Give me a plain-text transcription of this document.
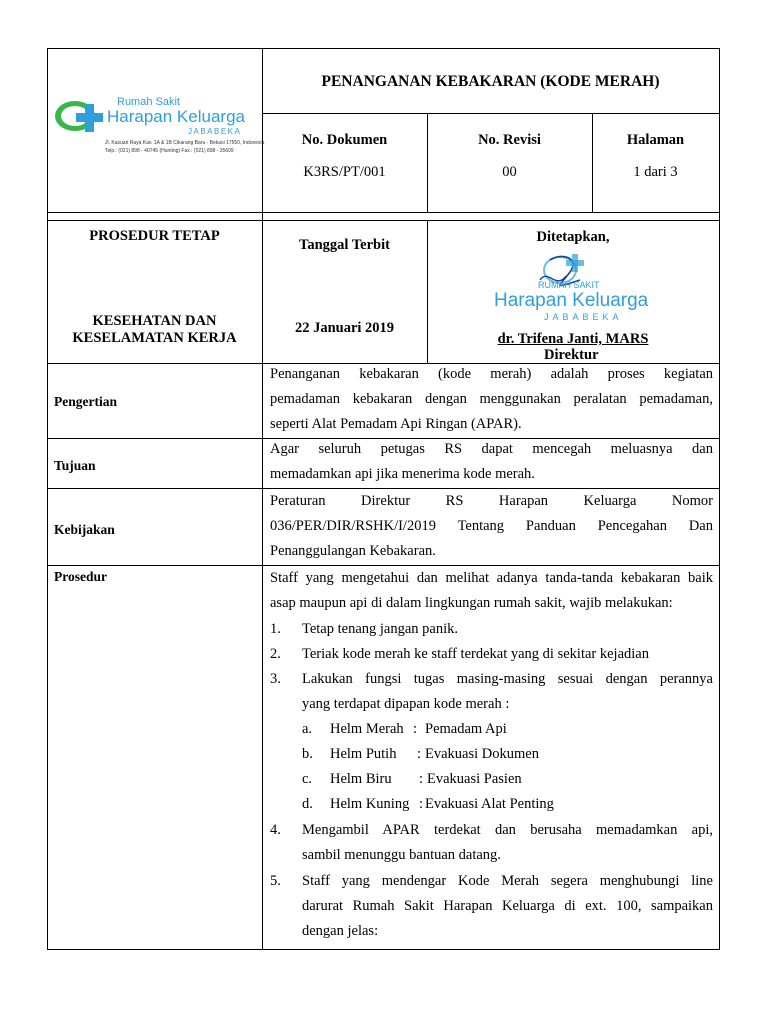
Rumah Sakit
Harapan Keluarga
JABABEKA
Jl. Kasuari Raya Kav. 1A & 1B Cikarang Baru - Bekasi 17550, Indonesia
Telp.: (021) 898 - 40745 (Hunting) Fax.: (021) 898 - 35609
PENANGANAN KEBAKARAN (KODE MERAH)
No. Dokumen
K3RS/PT/001
No. Revisi
00
Halaman
1 dari 3
PROSEDUR TETAP
KESEHATAN DAN
KESELAMATAN KERJA
Tanggal Terbit
22 Januari 2019
Ditetapkan,
RUMAH SAKIT
Harapan Keluarga
JABABEKA
dr. Trifena Janti, MARS
Direktur
Pengertian
Penanganan kebakaran (kode merah) adalah proses kegiatan
pemadaman kebakaran dengan menggunakan peralatan pemadaman,
seperti Alat Pemadam Api Ringan (APAR).
Tujuan
Agar seluruh petugas RS dapat mencegah meluasnya dan
memadamkan api jika menerima kode merah.
Kebijakan
Peraturan Direktur RS Harapan Keluarga Nomor
036/PER/DIR/RSHK/I/2019 Tentang Panduan Pencegahan Dan
Penanggulangan Kebakaran.
Prosedur	Staff yang mengetahui dan melihat adanya tanda-tanda kebakaran baik
asap maupun api di dalam lingkungan rumah sakit, wajib melakukan:
1. Tetap tenang jangan panik.
2. Teriak kode merah ke staff terdekat yang di sekitar kejadian
3. Lakukan fungsi tugas masing-masing sesuai dengan perannya
yang terdapat dipapan kode merah :
a. Helm Merah : Pemadam Api
b. Helm Putih : Evakuasi Dokumen
c. Helm Biru : Evakuasi Pasien
d. Helm Kuning : Evakuasi Alat Penting
4. Mengambil APAR terdekat dan berusaha memadamkan api,
sambil menunggu bantuan datang.
5. Staff yang mendengar Kode Merah segera menghubungi line
darurat Rumah Sakit Harapan Keluarga di ext. 100, sampaikan
dengan jelas:
